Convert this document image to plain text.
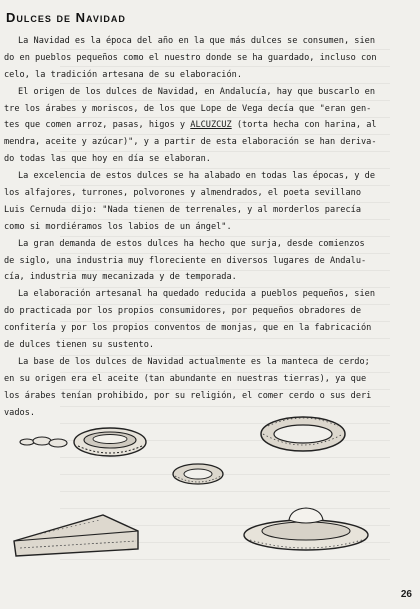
Dulces de Navidad
La Navidad es la época del año en la que más dulces se consumen, sien
do en pueblos pequeños como el nuestro donde se ha guardado, incluso con
celo, la tradición artesana de su elaboración.
El origen de los dulces de Navidad, en Andalucía, hay que buscarlo en
tre los árabes y moriscos, de los que Lope de Vega decía que "eran gen-
tes que comen arroz, pasas, higos y ALCUZCUZ (torta hecha con harina, al
mendra, aceite y azúcar)", y a partir de esta elaboración se han deriva-
do todas las que hoy en día se elaboran.
La excelencia de estos dulces se ha alabado en todas las épocas, y de
los alfajores, turrones, polvorones y almendrados, el poeta sevillano
Luis Cernuda dijo: "Nada tienen de terrenales, y al morderlos parecía
como si mordiéramos los labios de un ángel".
La gran demanda de estos dulces ha hecho que surja, desde comienzos
de siglo, una industria muy floreciente en diversos lugares de Andalu-
cía, industria muy mecanizada y de temporada.
La elaboración artesanal ha quedado reducida a pueblos pequeños, sien
do practicada por los propios consumidores, por pequeños obradores de
confitería y por los propios conventos de monjas, que en la fabricación
de dulces tienen su sustento.
La base de los dulces de Navidad actualmente es la manteca de cerdo;
en su origen era el aceite (tan abundante en nuestras tierras), ya que
los árabes tenían prohibido, por su religión, el comer cerdo o sus deri
vados.
26
